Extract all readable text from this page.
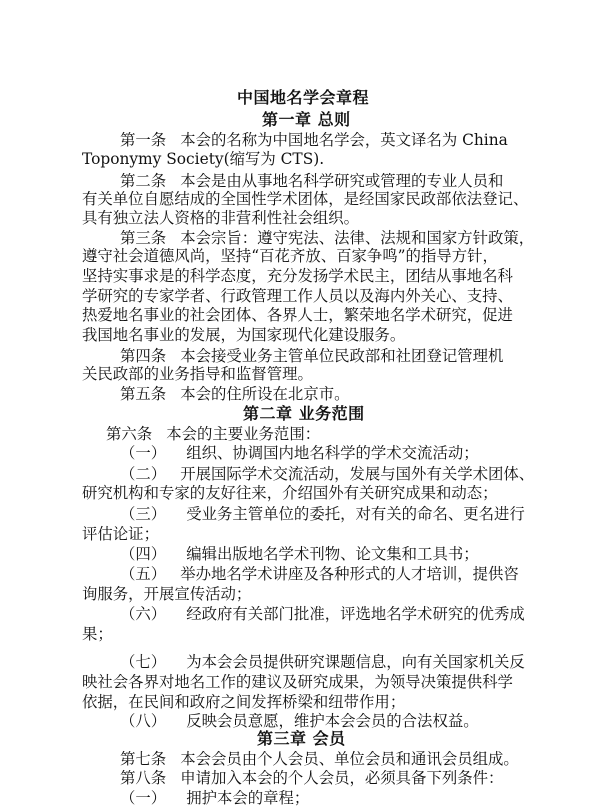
中国地名学会章程
第一章 总则
第一条 本会的名称为中国地名学会，英文译名为 China
Toponymy Society(缩写为 CTS).
第二条 本会是由从事地名科学研究或管理的专业人员和
有关单位自愿结成的全国性学术团体，是经国家民政部依法登记、
具有独立法人资格的非营利性社会组织。
第三条 本会宗旨：遵守宪法、法律、法规和国家方针政策，
遵守社会道德风尚，坚持“百花齐放、百家争鸣”的指导方针，
坚持实事求是的科学态度，充分发扬学术民主，团结从事地名科
学研究的专家学者、行政管理工作人员以及海内外关心、支持、
热爱地名事业的社会团体、各界人士，繁荣地名学术研究，促进
我国地名事业的发展，为国家现代化建设服务。
第四条 本会接受业务主管单位民政部和社团登记管理机
关民政部的业务指导和监督管理。
第五条 本会的住所设在北京市。
第二章 业务范围
第六条 本会的主要业务范围：
（一） 组织、协调国内地名科学的学术交流活动；
（二） 开展国际学术交流活动，发展与国外有关学术团体、
研究机构和专家的友好往来，介绍国外有关研究成果和动态；
（三） 受业务主管单位的委托，对有关的命名、更名进行
评估论证；
（四） 编辑出版地名学术刊物、论文集和工具书；
（五） 举办地名学术讲座及各种形式的人才培训，提供咨
询服务，开展宣传活动；
（六） 经政府有关部门批准，评选地名学术研究的优秀成
果；
（七） 为本会会员提供研究课题信息，向有关国家机关反
映社会各界对地名工作的建议及研究成果，为领导决策提供科学
依据，在民间和政府之间发挥桥梁和纽带作用；
（八） 反映会员意愿，维护本会会员的合法权益。
第三章 会员
第七条 本会会员由个人会员、单位会员和通讯会员组成。
第八条 申请加入本会的个人会员，必须具备下列条件：
（一） 拥护本会的章程；
